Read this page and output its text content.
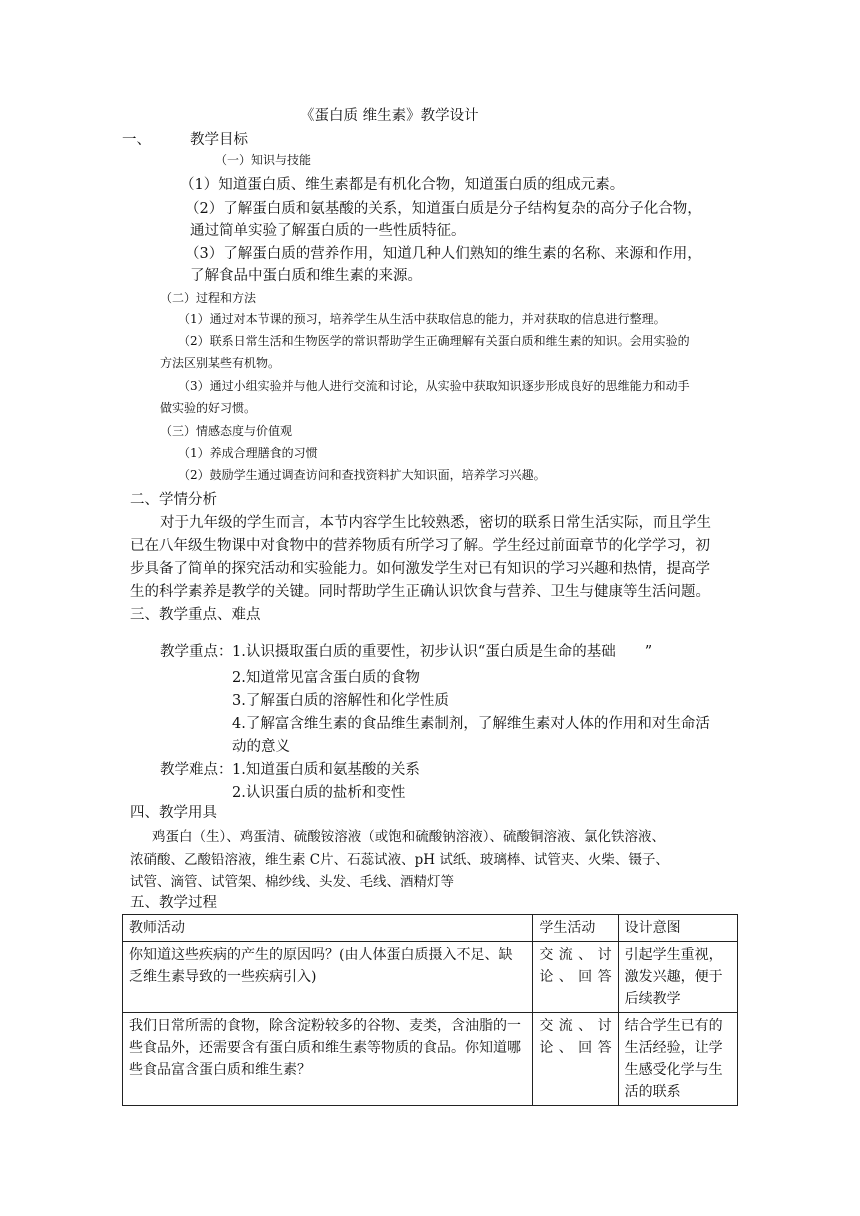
《蛋白质 维生素》教学设计
一、	教学目标
（一）知识与技能
（1）知道蛋白质、维生素都是有机化合物，知道蛋白质的组成元素。
（2）了解蛋白质和氨基酸的关系，知道蛋白质是分子结构复杂的高分子化合物，
通过简单实验了解蛋白质的一些性质特征。
（3）了解蛋白质的营养作用，知道几种人们熟知的维生素的名称、来源和作用，
了解食品中蛋白质和维生素的来源。
（二）过程和方法
（1）通过对本节课的预习，培养学生从生活中获取信息的能力，并对获取的信息进行整理。
（2）联系日常生活和生物医学的常识帮助学生正确理解有关蛋白质和维生素的知识。会用实验的
方法区别某些有机物。
（3）通过小组实验并与他人进行交流和讨论，从实验中获取知识逐步形成良好的思维能力和动手
做实验的好习惯。
（三）情感态度与价值观
（1）养成合理膳食的习惯
（2）鼓励学生通过调查访问和查找资料扩大知识面，培养学习兴趣。
二、学情分析
对于九年级的学生而言，本节内容学生比较熟悉，密切的联系日常生活实际，而且学生
已在八年级生物课中对食物中的营养物质有所学习了解。学生经过前面章节的化学学习，初
步具备了简单的探究活动和实验能力。如何激发学生对已有知识的学习兴趣和热情，提高学
生的科学素养是教学的关键。同时帮助学生正确认识饮食与营养、卫生与健康等生活问题。
三、教学重点、难点
教学重点： 1.认识摄取蛋白质的重要性，初步认识“蛋白质是生命的基础　　”
2.知道常见富含蛋白质的食物
3.了解蛋白质的溶解性和化学性质
4.了解富含维生素的食品维生素制剂，了解维生素对人体的作用和对生命活
动的意义
教学难点： 1.知道蛋白质和氨基酸的关系
2.认识蛋白质的盐析和变性
四、教学用具
鸡蛋白（生）、鸡蛋清、硫酸铵溶液（或饱和硫酸钠溶液）、硫酸铜溶液、氯化铁溶液、
浓硝酸、乙酸铅溶液，维生素 C片、石蕊试液、pH 试纸、玻璃棒、试管夹、火柴、镊子、
试管、滴管、试管架、棉纱线、头发、毛线、酒精灯等
五、教学过程
教师活动	学生活动	设计意图
你知道这些疾病的产生的原因吗？(由人体蛋白质摄入不足、缺乏维生素导致的一些疾病引入)	交流、讨论、回答	引起学生重视，激发兴趣，便于后续教学
我们日常所需的食物，除含淀粉较多的谷物、麦类，含油脂的一些食品外，还需要含有蛋白质和维生素等物质的食品。你知道哪些食品富含蛋白质和维生素？	交流、讨论、回答	结合学生已有的生活经验，让学生感受化学与生活的联系
